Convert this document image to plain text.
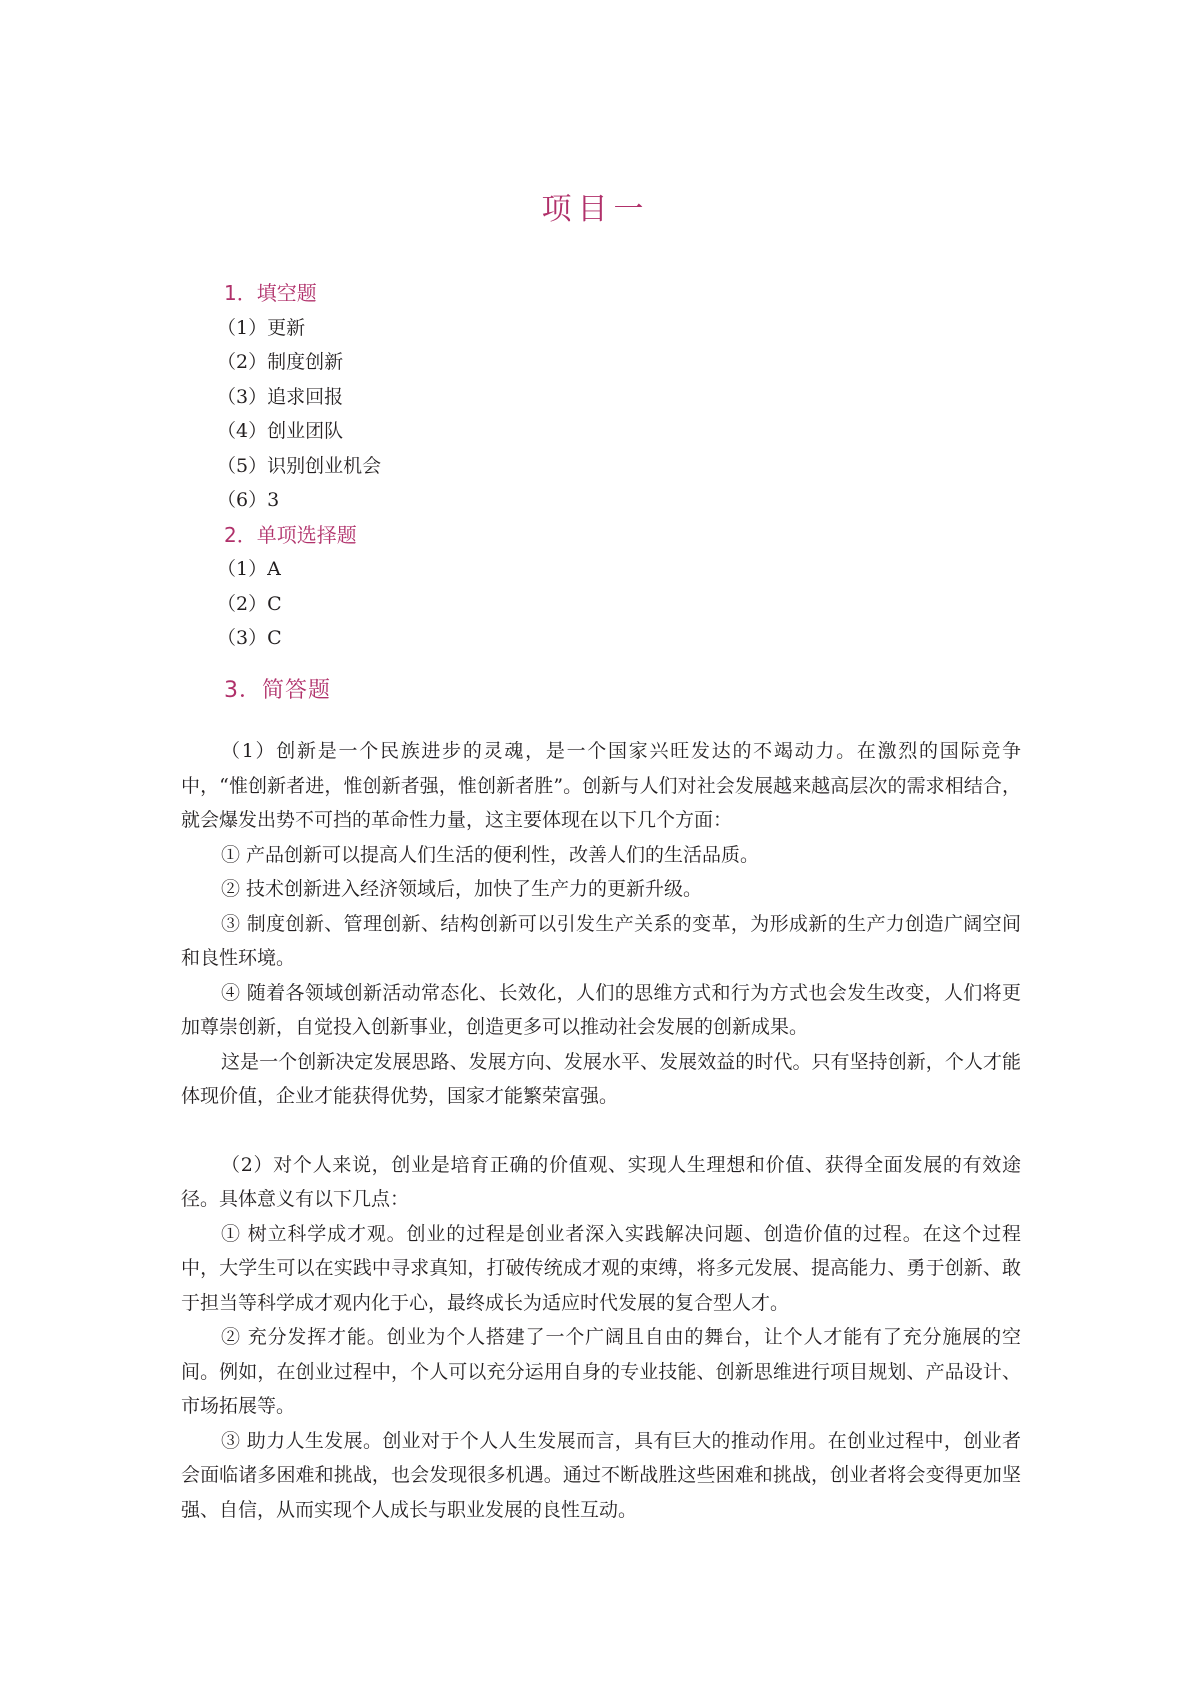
项目一
1．填空题
（1）更新
（2）制度创新
（3）追求回报
（4）创业团队
（5）识别创业机会
（6）3
2．单项选择题
（1）A
（2）C
（3）C
3．简答题

（1）创新是一个民族进步的灵魂，是一个国家兴旺发达的不竭动力。在激烈的国际竞争中，“惟创新者进，惟创新者强，惟创新者胜”。创新与人们对社会发展越来越高层次的需求相结合，就会爆发出势不可挡的革命性力量，这主要体现在以下几个方面：

① 产品创新可以提高人们生活的便利性，改善人们的生活品质。

② 技术创新进入经济领域后，加快了生产力的更新升级。

③ 制度创新、管理创新、结构创新可以引发生产关系的变革，为形成新的生产力创造广阔空间和良性环境。

④ 随着各领域创新活动常态化、长效化，人们的思维方式和行为方式也会发生改变，人们将更加尊崇创新，自觉投入创新事业，创造更多可以推动社会发展的创新成果。

这是一个创新决定发展思路、发展方向、发展水平、发展效益的时代。只有坚持创新，个人才能体现价值，企业才能获得优势，国家才能繁荣富强。

（2）对个人来说，创业是培育正确的价值观、实现人生理想和价值、获得全面发展的有效途径。具体意义有以下几点：

① 树立科学成才观。创业的过程是创业者深入实践解决问题、创造价值的过程。在这个过程中，大学生可以在实践中寻求真知，打破传统成才观的束缚，将多元发展、提高能力、勇于创新、敢于担当等科学成才观内化于心，最终成长为适应时代发展的复合型人才。

② 充分发挥才能。创业为个人搭建了一个广阔且自由的舞台，让个人才能有了充分施展的空间。例如，在创业过程中，个人可以充分运用自身的专业技能、创新思维进行项目规划、产品设计、市场拓展等。

③ 助力人生发展。创业对于个人人生发展而言，具有巨大的推动作用。在创业过程中，创业者会面临诸多困难和挑战，也会发现很多机遇。通过不断战胜这些困难和挑战，创业者将会变得更加坚强、自信，从而实现个人成长与职业发展的良性互动。
